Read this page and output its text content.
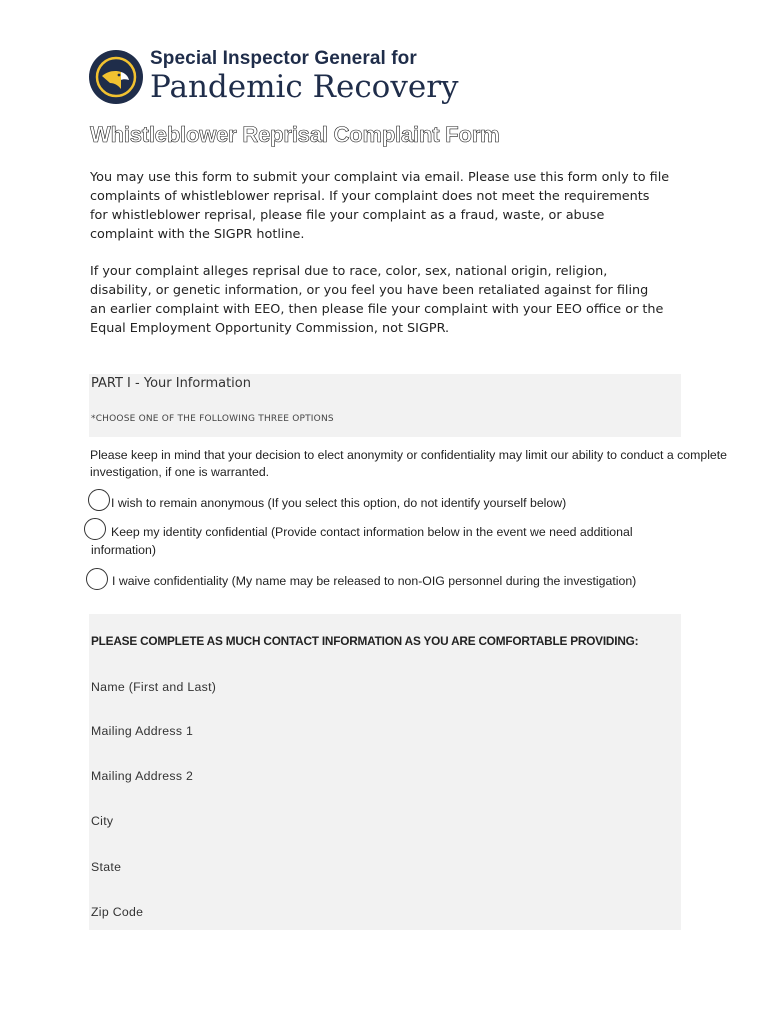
Special Inspector General for
Pandemic Recovery
Whistleblower Reprisal Complaint Form

You may use this form to submit your complaint via email. Please use this form only to file
complaints of whistleblower reprisal. If your complaint does not meet the requirements
for whistleblower reprisal, please file your complaint as a fraud, waste, or abuse
complaint with the SIGPR hotline.

If your complaint alleges reprisal due to race, color, sex, national origin, religion,
disability, or genetic information, or you feel you have been retaliated against for filing
an earlier complaint with EEO, then please file your complaint with your EEO office or the
Equal Employment Opportunity Commission, not SIGPR.

PART I - Your Information
*CHOOSE ONE OF THE FOLLOWING THREE OPTIONS

Please keep in mind that your decision to elect anonymity or confidentiality may limit our ability to conduct a complete
investigation, if one is warranted.

I wish to remain anonymous (If you select this option, do not identify yourself below)
Keep my identity confidential (Provide contact information below in the event we need additional
information)
I waive confidentiality (My name may be released to non-OIG personnel during the investigation)
PLEASE COMPLETE AS MUCH CONTACT INFORMATION AS YOU ARE COMFORTABLE PROVIDING:
Name (First and Last)
Mailing Address 1
Mailing Address 2
City
State
Zip Code
